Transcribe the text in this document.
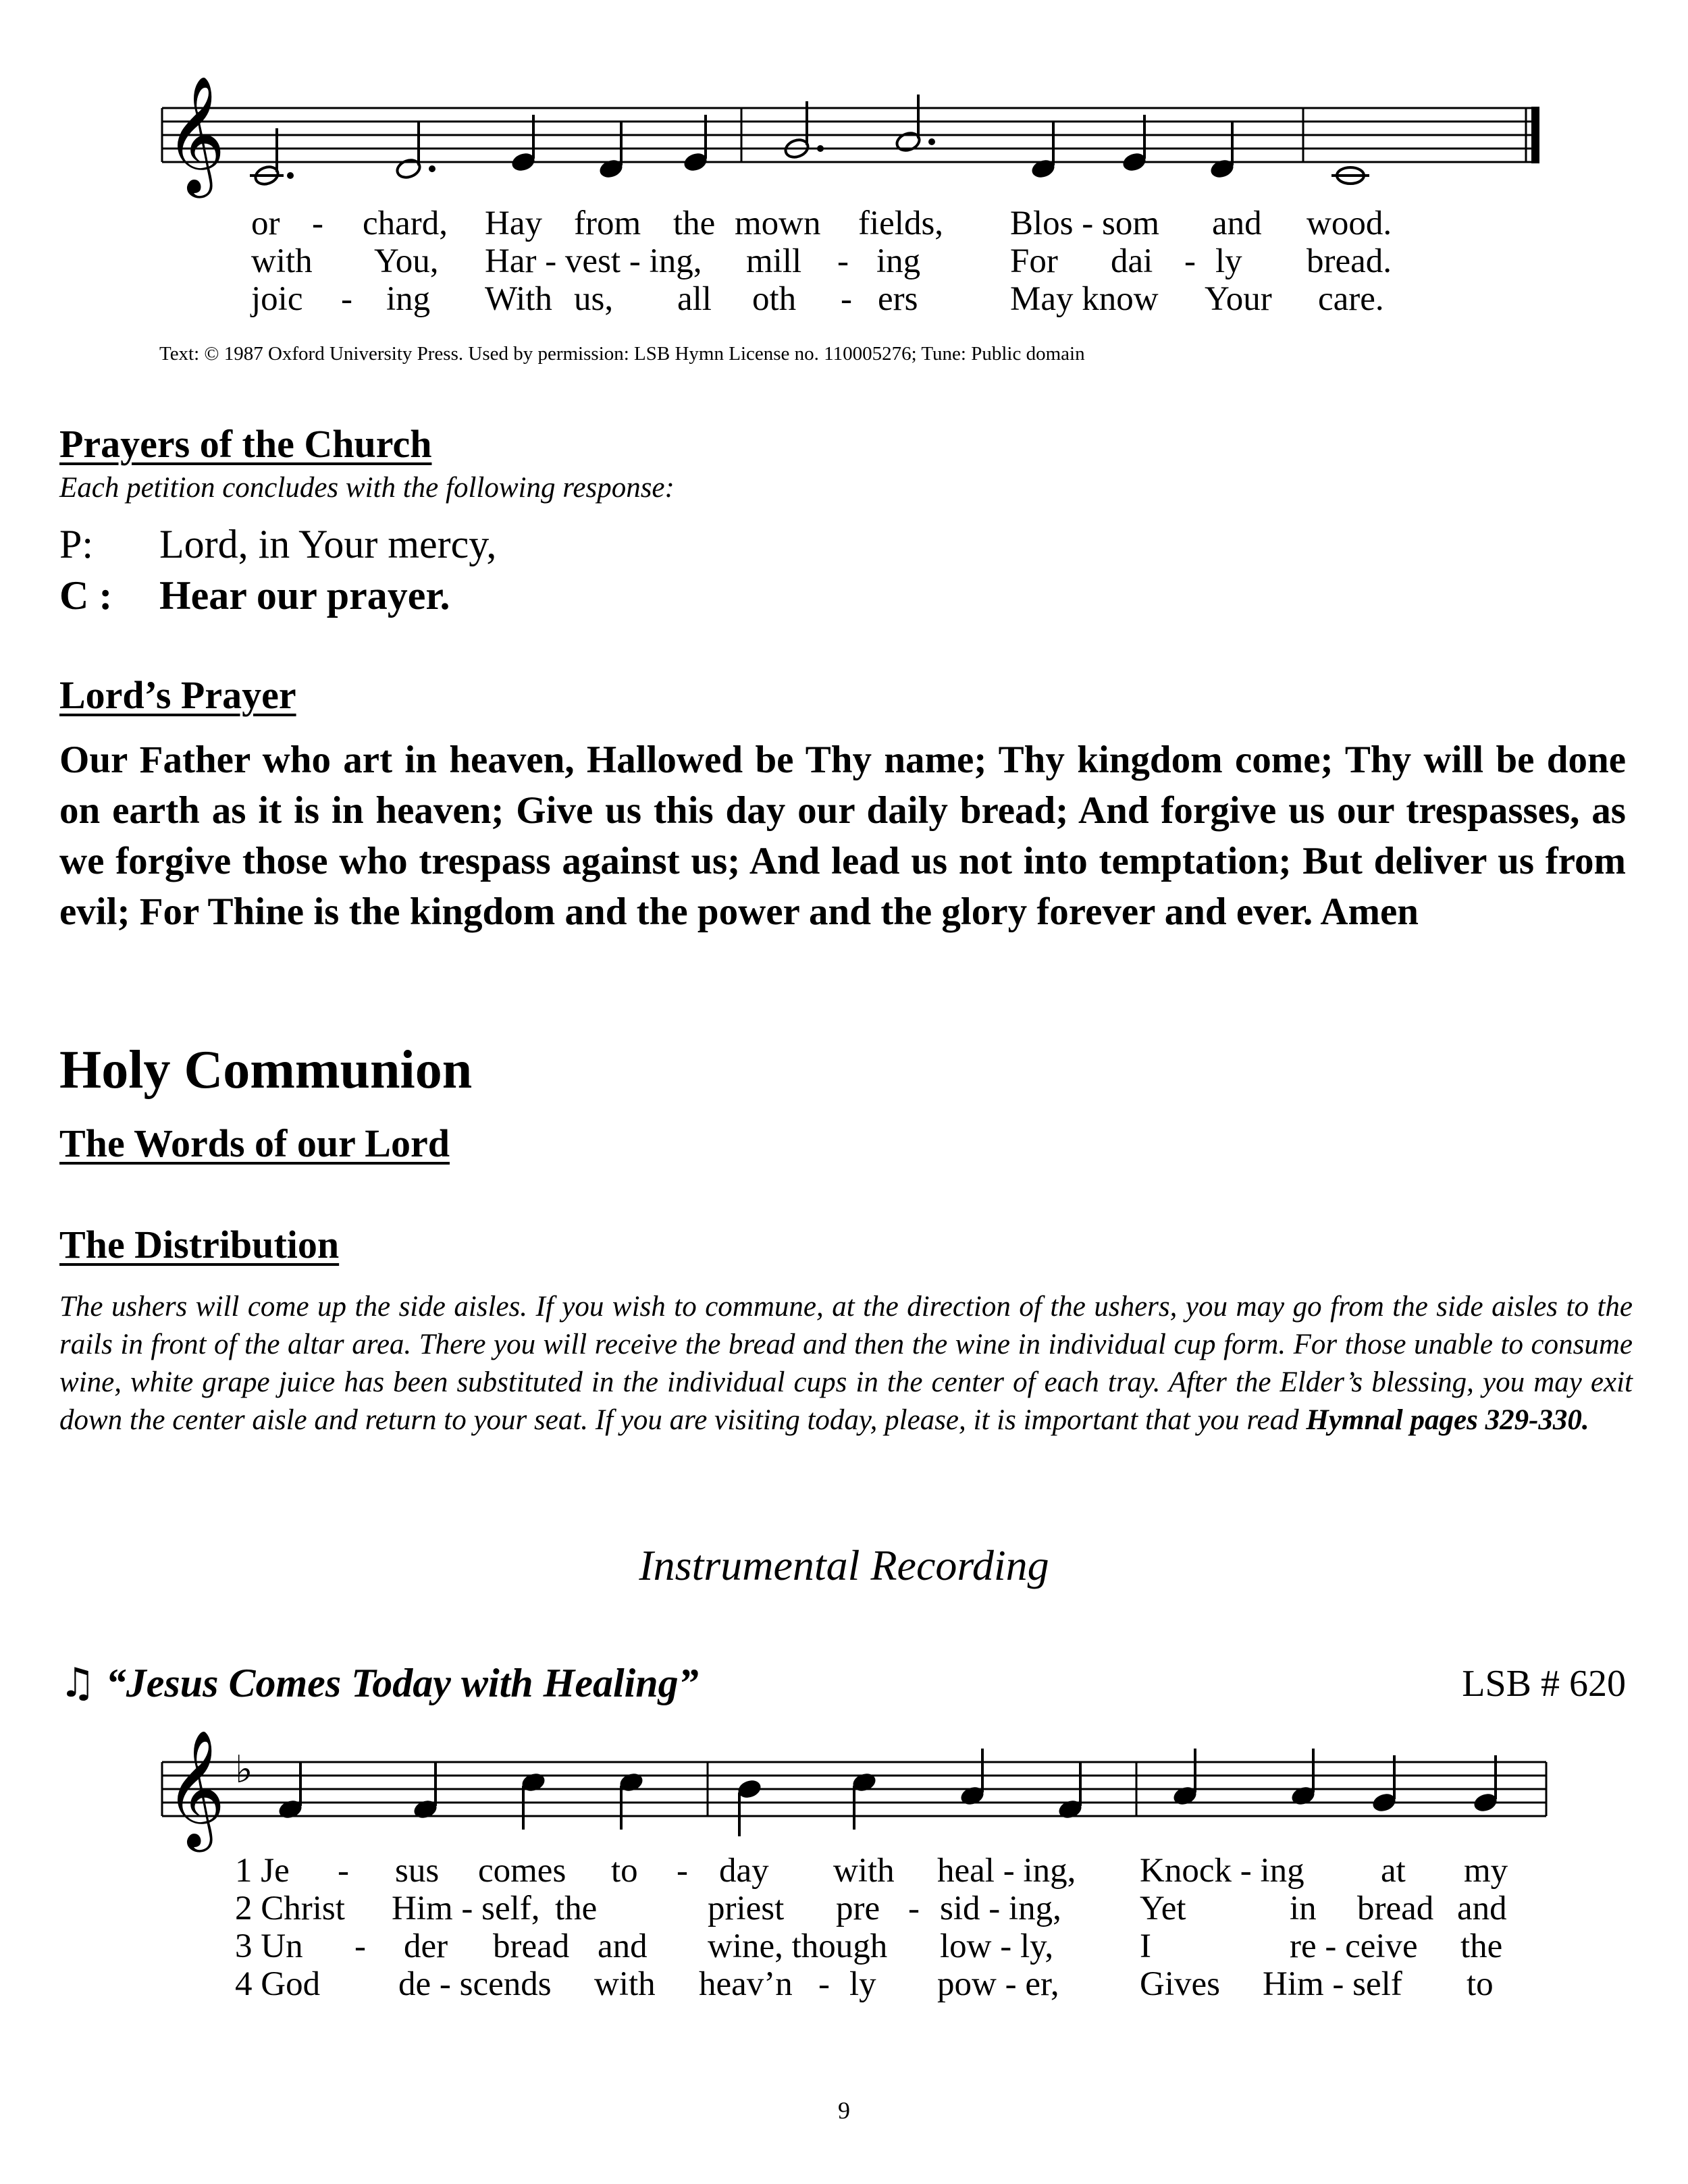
𝄞
or - chard, Hay from the mown fields, Blos - som and wood.
with You, Har - vest - ing, mill - ing	For dai - ly bread.
joic - ing With us, all oth - ers	May know Your care.
Text: © 1987 Oxford University Press. Used by permission: LSB Hymn License no. 110005276; Tune: Public domain
Prayers of the Church
Each petition concludes with the following response:
P: Lord, in Your mercy,
C : Hear our prayer.
Lord’s Prayer
Our Father who art in heaven, Hallowed be Thy name; Thy kingdom come; Thy will be done on earth as it is in heaven; Give us this day our daily bread; And forgive us our trespasses, as we forgive those who trespass against us; And lead us not into temptation; But deliver us from evil; For Thine is the kingdom and the power and the glory forever and ever. Amen
Holy Communion
The Words of our Lord
The Distribution
The ushers will come up the side aisles. If you wish to commune, at the direction of the ushers, you may go from the side aisles to the rails in front of the altar area. There you will receive the bread and then the wine in individual cup form. For those unable to consume wine, white grape juice has been substituted in the individual cups in the center of each tray. After the Elder’s blessing, you may exit down the center aisle and return to your seat. If you are visiting today, please, it is important that you read Hymnal pages 329-330.
Instrumental Recording
♫ “Jesus Comes Today with Healing”	LSB # 620
𝄞 ♭
1 Je - sus comes to - day with heal - ing, Knock - ing at my
2 Christ Him - self, the	priest pre - sid - ing, Yet	in bread and
3 Un - der bread and wine, though low - ly,	I	re - ceive the
4 God de - scends with heav’n - ly pow - er, Gives Him - self to
9
